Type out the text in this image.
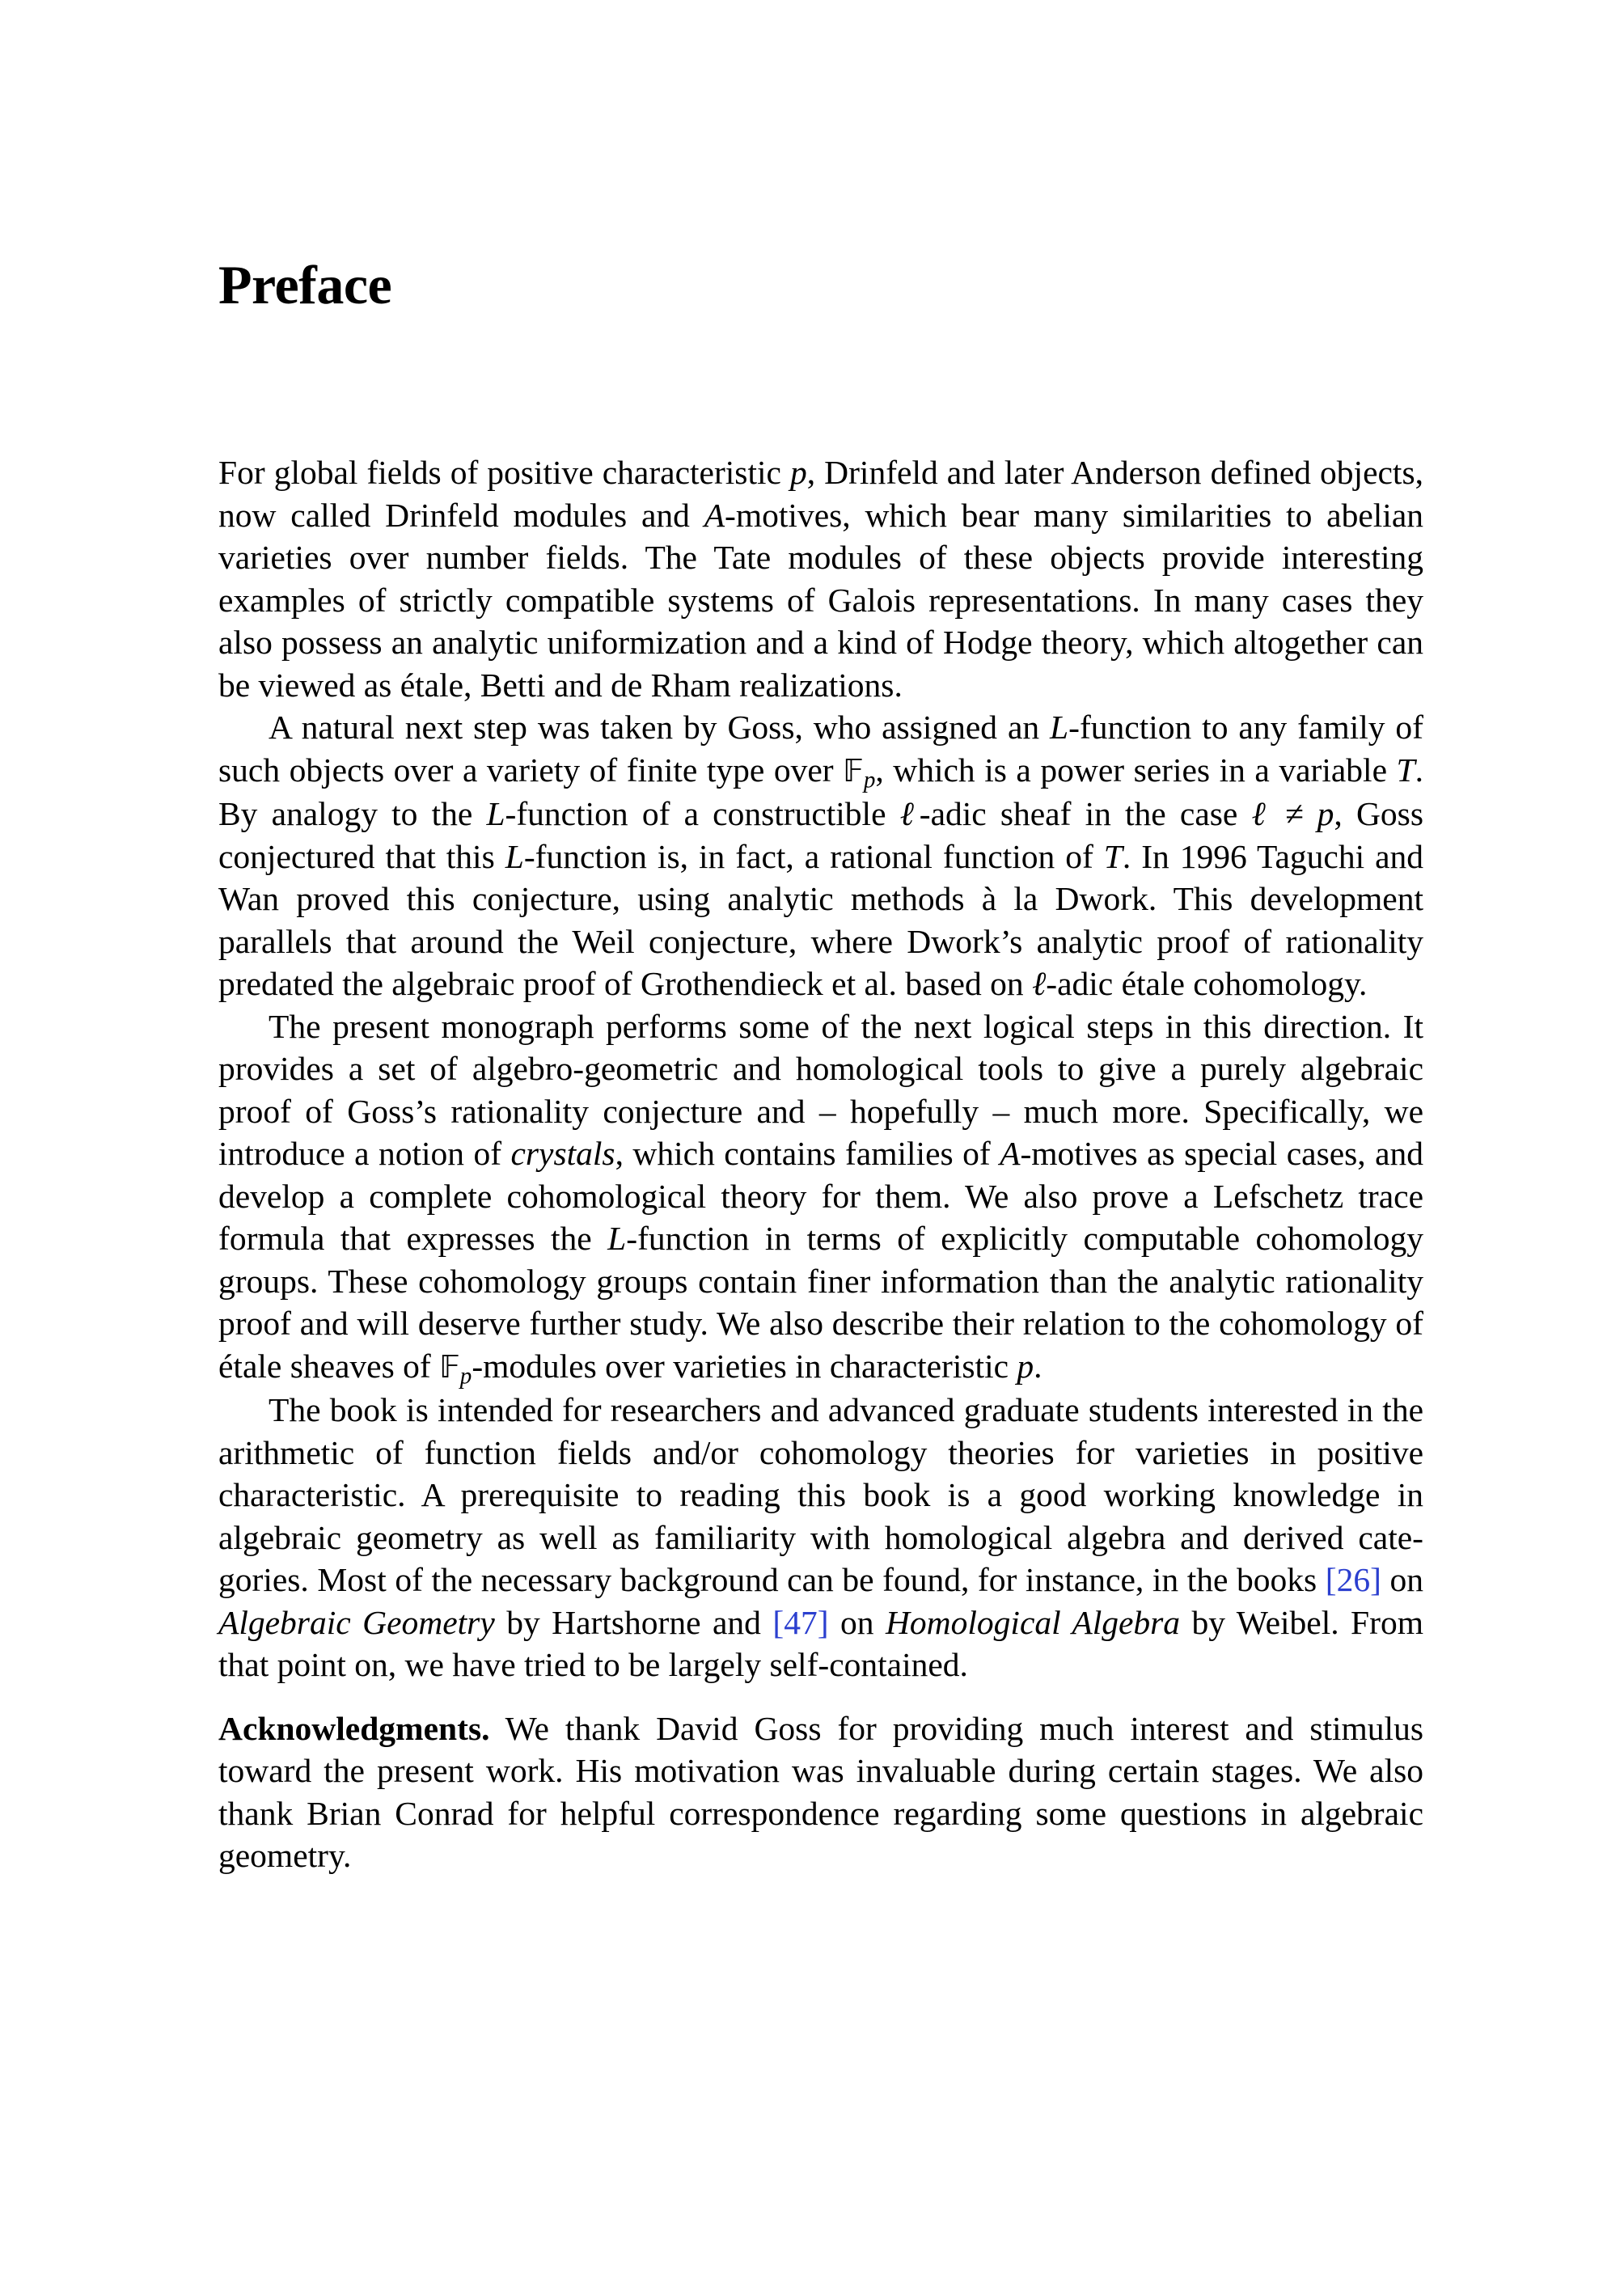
Preface

For global fields of positive characteristic p, Drinfeld and later Anderson defined objects, now called Drinfeld modules and A-motives, which bear many similarities to abelian varieties over number fields. The Tate modules of these objects provide interesting examples of strictly compatible systems of Galois representations. In many cases they also possess an analytic uniformization and a kind of Hodge theory, which altogether can be viewed as étale, Betti and de Rham realizations.

A natural next step was taken by Goss, who assigned an L-function to any family of such objects over a variety of finite type over 𝔽$_p$, which is a power series in a variable T. By analogy to the L-function of a constructible ℓ-adic sheaf in the case ℓ ≠ p, Goss conjectured that this L-function is, in fact, a rational function of T. In 1996 Taguchi and Wan proved this conjecture, using analytic methods à la Dwork. This development parallels that around the Weil conjecture, where Dwork’s analytic proof of rationality predated the algebraic proof of Grothendieck et al. based on ℓ-adic étale cohomology.

The present monograph performs some of the next logical steps in this direction. It provides a set of algebro-geometric and homological tools to give a purely algebraic proof of Goss’s rationality conjecture and – hopefully – much more. Specifically, we introduce a notion of crystals, which contains families of A-motives as special cases, and develop a complete cohomological theory for them. We also prove a Lefschetz trace formula that expresses the L-function in terms of explicitly computable cohomology groups. These cohomology groups contain finer information than the analytic rationality proof and will deserve further study. We also describe their relation to the cohomology of étale sheaves of 𝔽$_p$-modules over varieties in characteristic p.

The book is intended for researchers and advanced graduate students interested in the arithmetic of function fields and/or cohomology theories for varieties in positive characteristic. A prerequisite to reading this book is a good working knowledge in algebraic geometry as well as familiarity with homological algebra and derived categories. Most of the necessary background can be found, for instance, in the books [26] on Algebraic Geometry by Hartshorne and [47] on Homological Algebra by Weibel. From that point on, we have tried to be largely self-contained.

Acknowledgments. We thank David Goss for providing much interest and stimulus toward the present work. His motivation was invaluable during certain stages. We also thank Brian Conrad for helpful correspondence regarding some questions in algebraic geometry.
